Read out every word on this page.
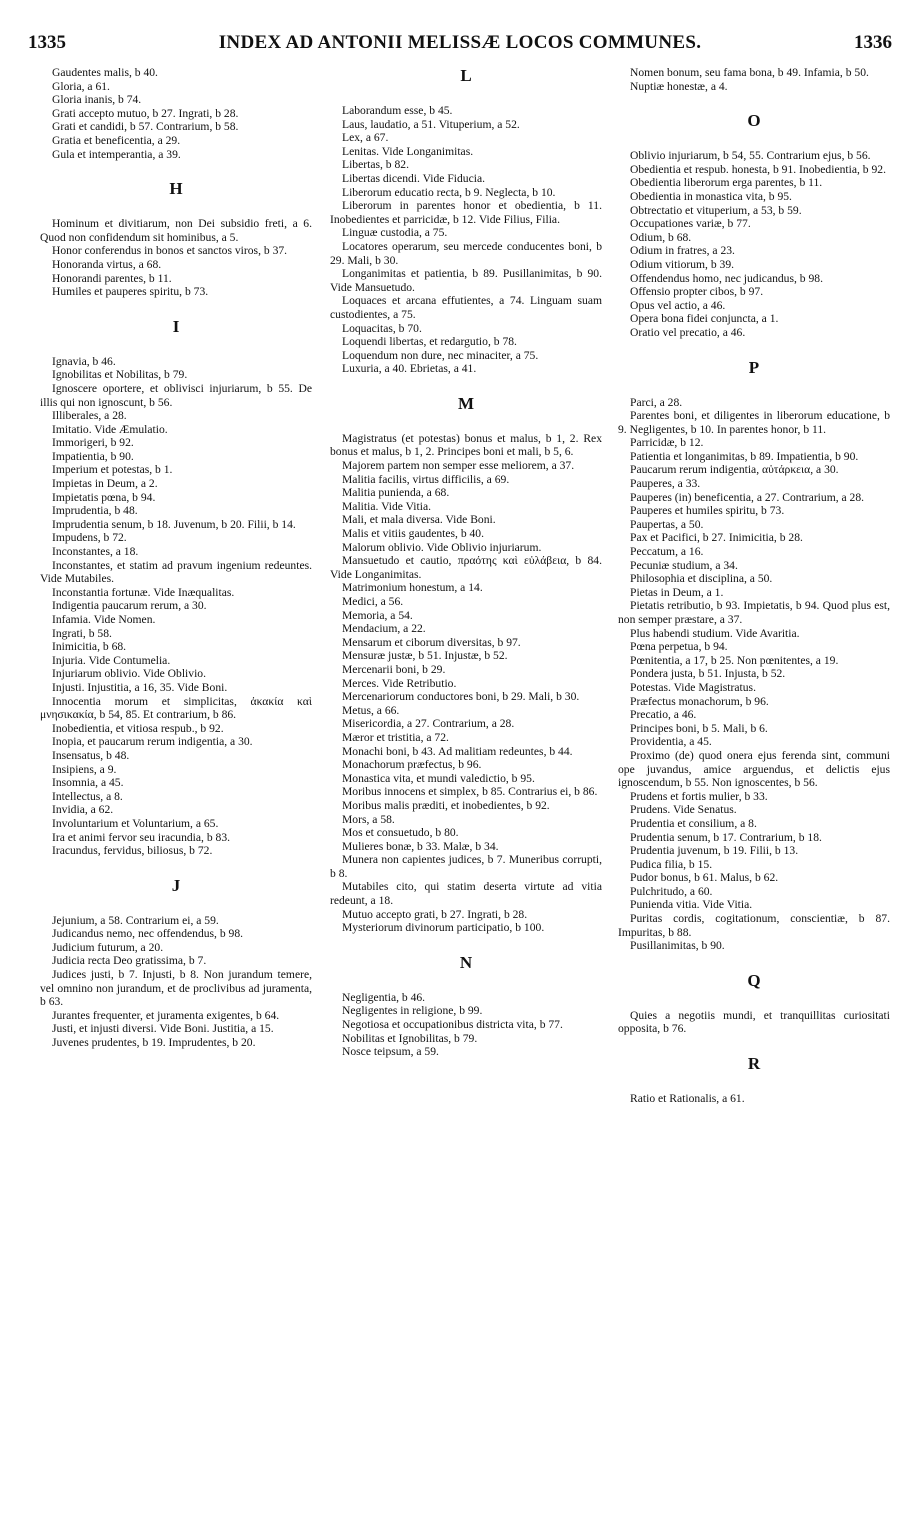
1335	INDEX AD ANTONII MELISSÆ LOCOS COMMUNES.	1336

Gaudentes malis, b 40.

Gloria, a 61.

Gloria inanis, b 74.

Grati accepto mutuo, b 27. Ingrati, b 28.

Grati et candidi, b 57. Contrarium, b 58.

Gratia et beneficentia, a 29.

Gula et intemperantia, a 39.

H

Hominum et divitiarum, non Dei subsidio freti, a 6. Quod non confidendum sit hominibus, a 5.

Honor conferendus in bonos et sanctos viros, b 37.

Honoranda virtus, a 68.

Honorandi parentes, b 11.

Humiles et pauperes spiritu, b 73.

I

Ignavia, b 46.

Ignobilitas et Nobilitas, b 79.

Ignoscere oportere, et oblivisci injuriarum, b 55. De illis qui non ignoscunt, b 56.

Illiberales, a 28.

Imitatio. Vide Æmulatio.

Immorigeri, b 92.

Impatientia, b 90.

Imperium et potestas, b 1.

Impietas in Deum, a 2.

Impietatis pœna, b 94.

Imprudentia, b 48.

Imprudentia senum, b 18. Juvenum, b 20. Filii, b 14.

Impudens, b 72.

Inconstantes, a 18.

Inconstantes, et statim ad pravum ingenium redeuntes. Vide Mutabiles.

Inconstantia fortunæ. Vide Inæqualitas.

Indigentia paucarum rerum, a 30.

Infamia. Vide Nomen.

Ingrati, b 58.

Inimicitia, b 68.

Injuria. Vide Contumelia.

Injuriarum oblivio. Vide Oblivio.

Injusti. Injustitia, a 16, 35. Vide Boni.

Innocentia morum et simplicitas, ἀκακία καὶ μνησικακία, b 54, 85. Et contrarium, b 86.

Inobedientia, et vitiosa respub., b 92.

Inopia, et paucarum rerum indigentia, a 30.

Insensatus, b 48.

Insipiens, a 9.

Insomnia, a 45.

Intellectus, a 8.

Invidia, a 62.

Involuntarium et Voluntarium, a 65.

Ira et animi fervor seu iracundia, b 83.

Iracundus, fervidus, biliosus, b 72.

J

Jejunium, a 58. Contrarium ei, a 59.

Judicandus nemo, nec offendendus, b 98.

Judicium futurum, a 20.

Judicia recta Deo gratissima, b 7.

Judices justi, b 7. Injusti, b 8. Non jurandum temere, vel omnino non jurandum, et de proclivibus ad juramenta, b 63.

Jurantes frequenter, et juramenta exigentes, b 64.

Justi, et injusti diversi. Vide Boni. Justitia, a 15.

Juvenes prudentes, b 19. Imprudentes, b 20.

L

Laborandum esse, b 45.

Laus, laudatio, a 51. Vituperium, a 52.

Lex, a 67.

Lenitas. Vide Longanimitas.

Libertas, b 82.

Libertas dicendi. Vide Fiducia.

Liberorum educatio recta, b 9. Neglecta, b 10.

Liberorum in parentes honor et obedientia, b 11. Inobedientes et parricidæ, b 12. Vide Filius, Filia.

Linguæ custodia, a 75.

Locatores operarum, seu mercede conducentes boni, b 29. Mali, b 30.

Longanimitas et patientia, b 89. Pusillanimitas, b 90. Vide Mansuetudo.

Loquaces et arcana effutientes, a 74. Linguam suam custodientes, a 75.

Loquacitas, b 70.

Loquendi libertas, et redargutio, b 78.

Loquendum non dure, nec minaciter, a 75.

Luxuria, a 40. Ebrietas, a 41.

M

Magistratus (et potestas) bonus et malus, b 1, 2. Rex bonus et malus, b 1, 2. Principes boni et mali, b 5, 6.

Majorem partem non semper esse meliorem, a 37.

Malitia facilis, virtus difficilis, a 69.

Malitia punienda, a 68.

Malitia. Vide Vitia.

Mali, et mala diversa. Vide Boni.

Malis et vitiis gaudentes, b 40.

Malorum oblivio. Vide Oblivio injuriarum.

Mansuetudo et cautio, πραότης καὶ εὐλάβεια, b 84. Vide Longanimitas.

Matrimonium honestum, a 14.

Medici, a 56.

Memoria, a 54.

Mendacium, a 22.

Mensarum et ciborum diversitas, b 97.

Mensuræ justæ, b 51. Injustæ, b 52.

Mercenarii boni, b 29.

Merces. Vide Retributio.

Mercenariorum conductores boni, b 29. Mali, b 30.

Metus, a 66.

Misericordia, a 27. Contrarium, a 28.

Mæror et tristitia, a 72.

Monachi boni, b 43. Ad malitiam redeuntes, b 44.

Monachorum præfectus, b 96.

Monastica vita, et mundi valedictio, b 95.

Moribus innocens et simplex, b 85. Contrarius ei, b 86.

Moribus malis præditi, et inobedientes, b 92.

Mors, a 58.

Mos et consuetudo, b 80.

Mulieres bonæ, b 33. Malæ, b 34.

Munera non capientes judices, b 7. Muneribus corrupti, b 8.

Mutabiles cito, qui statim deserta virtute ad vitia redeunt, a 18.

Mutuo accepto grati, b 27. Ingrati, b 28.

Mysteriorum divinorum participatio, b 100.

N

Negligentia, b 46.

Negligentes in religione, b 99.

Negotiosa et occupationibus districta vita, b 77.

Nobilitas et Ignobilitas, b 79.

Nosce teipsum, a 59.

Nomen bonum, seu fama bona, b 49. Infamia, b 50.

Nuptiæ honestæ, a 4.

O

Oblivio injuriarum, b 54, 55. Contrarium ejus, b 56.

Obedientia et respub. honesta, b 91. Inobedientia, b 92.

Obedientia liberorum erga parentes, b 11.

Obedientia in monastica vita, b 95.

Obtrectatio et vituperium, a 53, b 59.

Occupationes variæ, b 77.

Odium, b 68.

Odium in fratres, a 23.

Odium vitiorum, b 39.

Offendendus homo, nec judicandus, b 98.

Offensio propter cibos, b 97.

Opus vel actio, a 46.

Opera bona fidei conjuncta, a 1.

Oratio vel precatio, a 46.

P

Parci, a 28.

Parentes boni, et diligentes in liberorum educatione, b 9. Negligentes, b 10. In parentes honor, b 11.

Parricidæ, b 12.

Patientia et longanimitas, b 89. Impatientia, b 90.

Paucarum rerum indigentia, αὐτάρκεια, a 30.

Pauperes, a 33.

Pauperes (in) beneficentia, a 27. Contrarium, a 28.

Pauperes et humiles spiritu, b 73.

Paupertas, a 50.

Pax et Pacifici, b 27. Inimicitia, b 28.

Peccatum, a 16.

Pecuniæ studium, a 34.

Philosophia et disciplina, a 50.

Pietas in Deum, a 1.

Pietatis retributio, b 93. Impietatis, b 94. Quod plus est, non semper præstare, a 37.

Plus habendi studium. Vide Avaritia.

Pœna perpetua, b 94.

Pœnitentia, a 17, b 25. Non pœnitentes, a 19.

Pondera justa, b 51. Injusta, b 52.

Potestas. Vide Magistratus.

Præfectus monachorum, b 96.

Precatio, a 46.

Principes boni, b 5. Mali, b 6.

Providentia, a 45.

Proximo (de) quod onera ejus ferenda sint, communi ope juvandus, amice arguendus, et delictis ejus ignoscendum, b 55. Non ignoscentes, b 56.

Prudens et fortis mulier, b 33.

Prudens. Vide Senatus.

Prudentia et consilium, a 8.

Prudentia senum, b 17. Contrarium, b 18.

Prudentia juvenum, b 19. Filii, b 13.

Pudica filia, b 15.

Pudor bonus, b 61. Malus, b 62.

Pulchritudo, a 60.

Punienda vitia. Vide Vitia.

Puritas cordis, cogitationum, conscientiæ, b 87. Impuritas, b 88.

Pusillanimitas, b 90.

Q

Quies a negotiis mundi, et tranquillitas curiositati opposita, b 76.

R

Ratio et Rationalis, a 61.
